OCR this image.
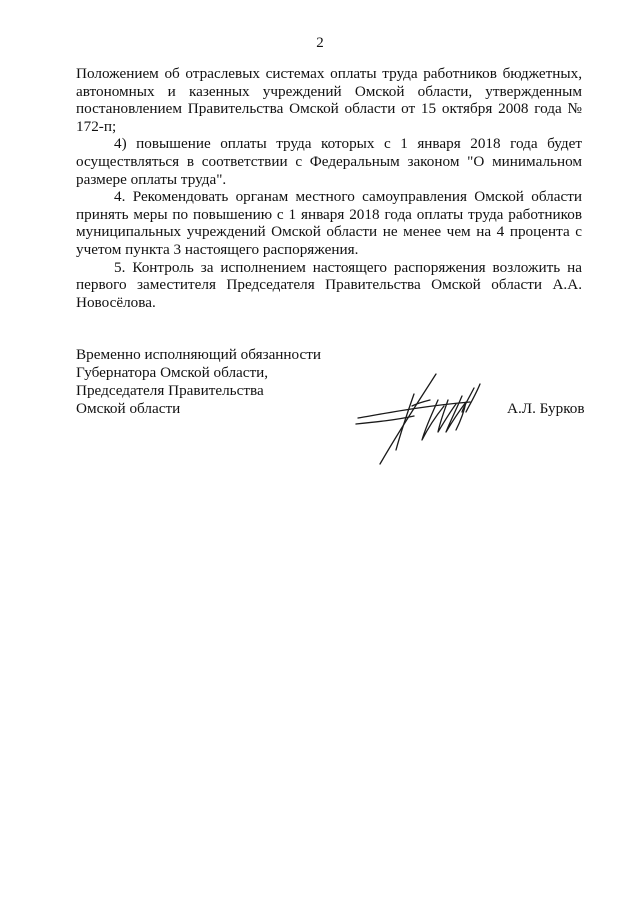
2

Положением об отраслевых системах оплаты труда работников бюджетных, автономных и казенных учреждений Омской области, утвержденным постановлением Правительства Омской области от 15 октября 2008 года № 172-п;

4) повышение оплаты труда которых с 1 января 2018 года будет осуществляться в соответствии с Федеральным законом "О минимальном размере оплаты труда".

4. Рекомендовать органам местного самоуправления Омской области принять меры по повышению с 1 января 2018 года оплаты труда работников муниципальных учреждений Омской области не менее чем на 4 процента с учетом пункта 3 настоящего распоряжения.

5. Контроль за исполнением настоящего распоряжения возложить на первого заместителя Председателя Правительства Омской области А.А. Новосёлова.

Временно исполняющий обязанности
Губернатора Омской области,
Председателя Правительства
Омской области	А.Л. Бурков
